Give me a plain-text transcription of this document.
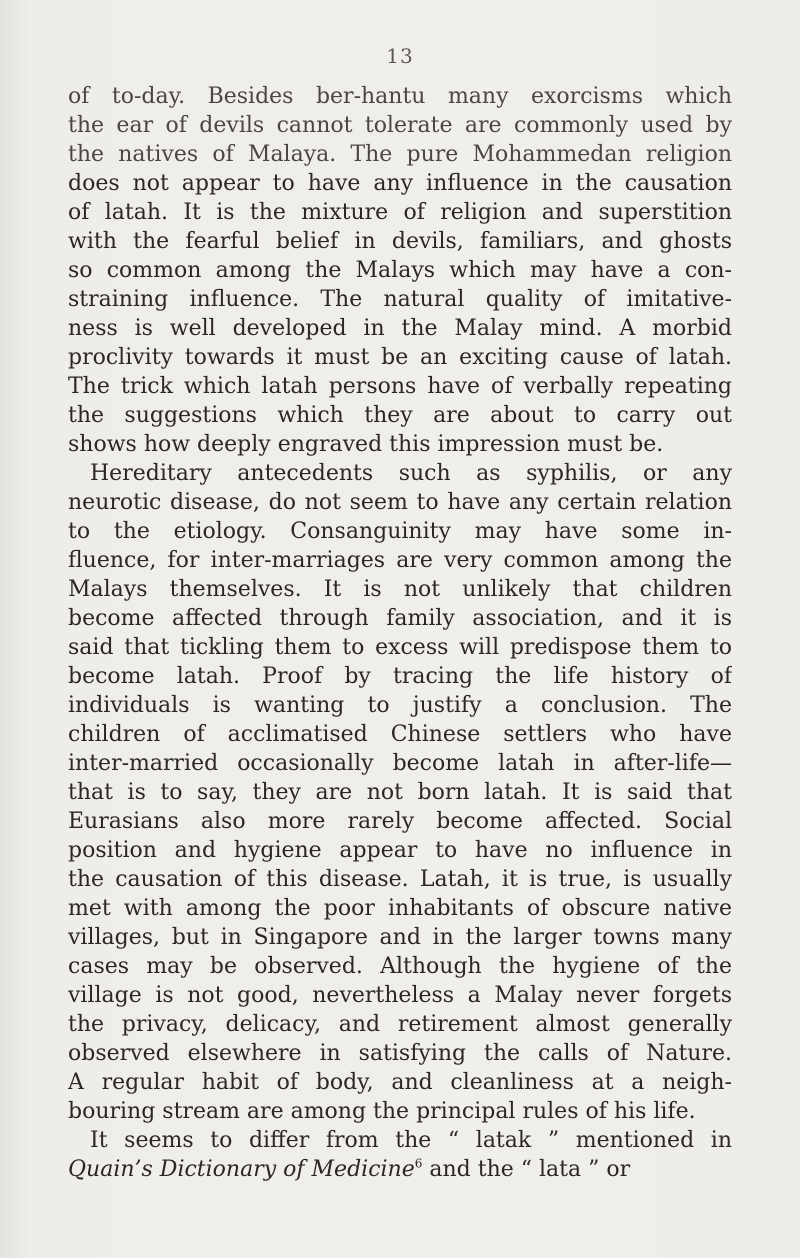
13
of to-day. Besides ber-hantu many exorcisms which
the ear of devils cannot tolerate are commonly used by
the natives of Malaya. The pure Mohammedan religion
does not appear to have any influence in the causation
of latah. It is the mixture of religion and superstition
with the fearful belief in devils, familiars, and ghosts
so common among the Malays which may have a con-
straining influence. The natural quality of imitative-
ness is well developed in the Malay mind. A morbid
proclivity towards it must be an exciting cause of latah.
The trick which latah persons have of verbally repeating
the suggestions which they are about to carry out
shows how deeply engraved this impression must be.
Hereditary antecedents such as syphilis, or any
neurotic disease, do not seem to have any certain relation
to the etiology. Consanguinity may have some in-
fluence, for inter-marriages are very common among the
Malays themselves. It is not unlikely that children
become affected through family association, and it is
said that tickling them to excess will predispose them to
become latah. Proof by tracing the life history of
individuals is wanting to justify a conclusion. The
children of acclimatised Chinese settlers who have
inter-married occasionally become latah in after-life—
that is to say, they are not born latah. It is said that
Eurasians also more rarely become affected. Social
position and hygiene appear to have no influence in
the causation of this disease. Latah, it is true, is usually
met with among the poor inhabitants of obscure native
villages, but in Singapore and in the larger towns many
cases may be observed. Although the hygiene of the
village is not good, nevertheless a Malay never forgets
the privacy, delicacy, and retirement almost generally
observed elsewhere in satisfying the calls of Nature.
A regular habit of body, and cleanliness at a neigh-
bouring stream are among the principal rules of his life.
It seems to differ from the “ latak ” mentioned in
Quain’s Dictionary of Medicine$^6$ and the “ lata ” or
